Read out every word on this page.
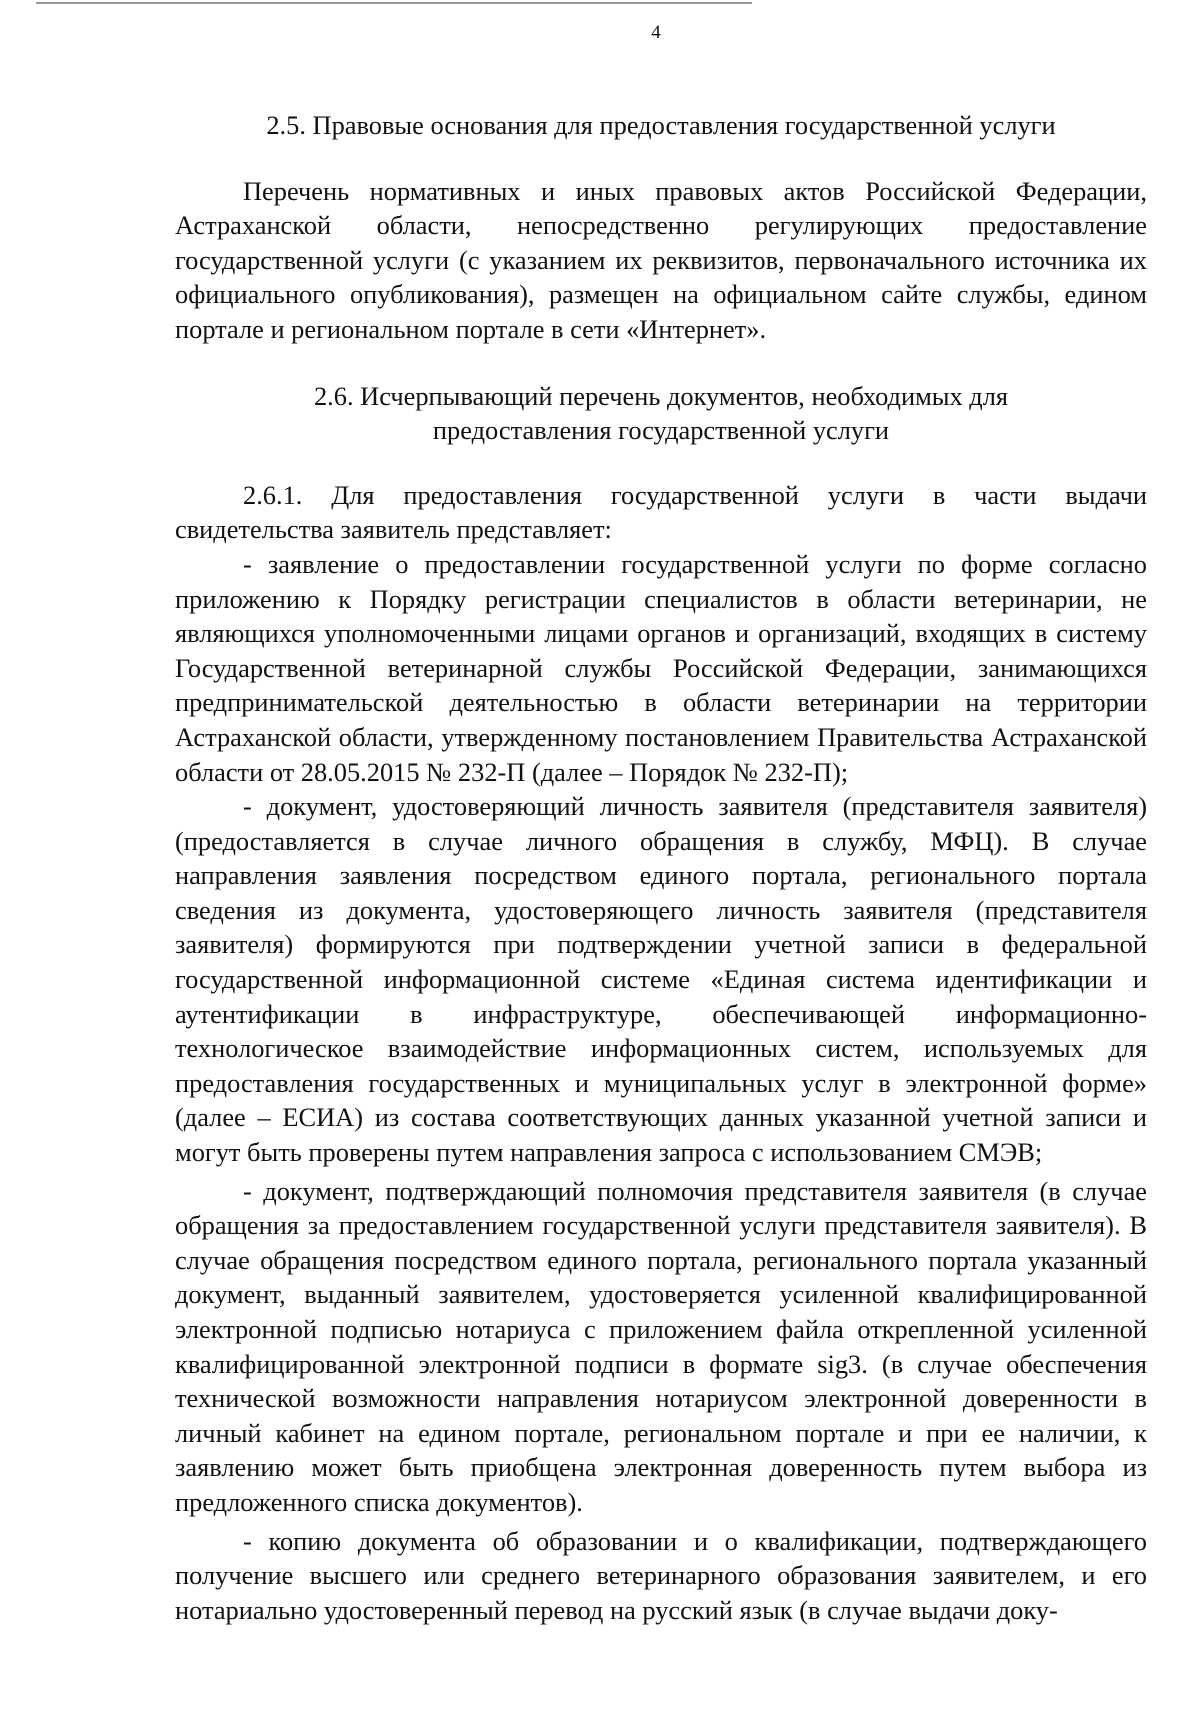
4

2.5. Правовые основания для предоставления государственной услуги

Перечень нормативных и иных правовых актов Российской Федерации, Астраханской области, непосредственно регулирующих предоставление государственной услуги (с указанием их реквизитов, первоначального источника их официального опубликования), размещен на официальном сайте службы, едином портале и региональном портале в сети «Интернет».

2.6. Исчерпывающий перечень документов, необходимых для

предоставления государственной услуги

2.6.1. Для предоставления государственной услуги в части выдачи свидетельства заявитель представляет:

- заявление о предоставлении государственной услуги по форме согласно приложению к Порядку регистрации специалистов в области ветеринарии, не являющихся уполномоченными лицами органов и организаций, входящих в систему Государственной ветеринарной службы Российской Федерации, занимающихся предпринимательской деятельностью в области ветеринарии на территории Астраханской области, утвержденному постановлением Правительства Астраханской области от 28.05.2015 № 232-П (далее – Порядок № 232-П);

- документ, удостоверяющий личность заявителя (представителя заявителя) (предоставляется в случае личного обращения в службу, МФЦ). В случае направления заявления посредством единого портала, регионального портала сведения из документа, удостоверяющего личность заявителя (представителя заявителя) формируются при подтверждении учетной записи в федеральной государственной информационной системе «Единая система идентификации и аутентификации в инфраструктуре, обеспечивающей информационно-технологическое взаимодействие информационных систем, используемых для предоставления государственных и муниципальных услуг в электронной форме» (далее – ЕСИА) из состава соответствующих данных указанной учетной записи и могут быть проверены путем направления запроса с использованием СМЭВ;

- документ, подтверждающий полномочия представителя заявителя (в случае обращения за предоставлением государственной услуги представителя заявителя). В случае обращения посредством единого портала, регионального портала указанный документ, выданный заявителем, удостоверяется усиленной квалифицированной электронной подписью нотариуса с приложением файла открепленной усиленной квалифицированной электронной подписи в формате sig3. (в случае обеспечения технической возможности направления нотариусом электронной доверенности в личный кабинет на едином портале, региональном портале и при ее наличии, к заявлению может быть приобщена электронная доверенность путем выбора из предложенного списка документов).

- копию документа об образовании и о квалификации, подтверждающего получение высшего или среднего ветеринарного образования заявителем, и его нотариально удостоверенный перевод на русский язык (в случае выдачи доку-
